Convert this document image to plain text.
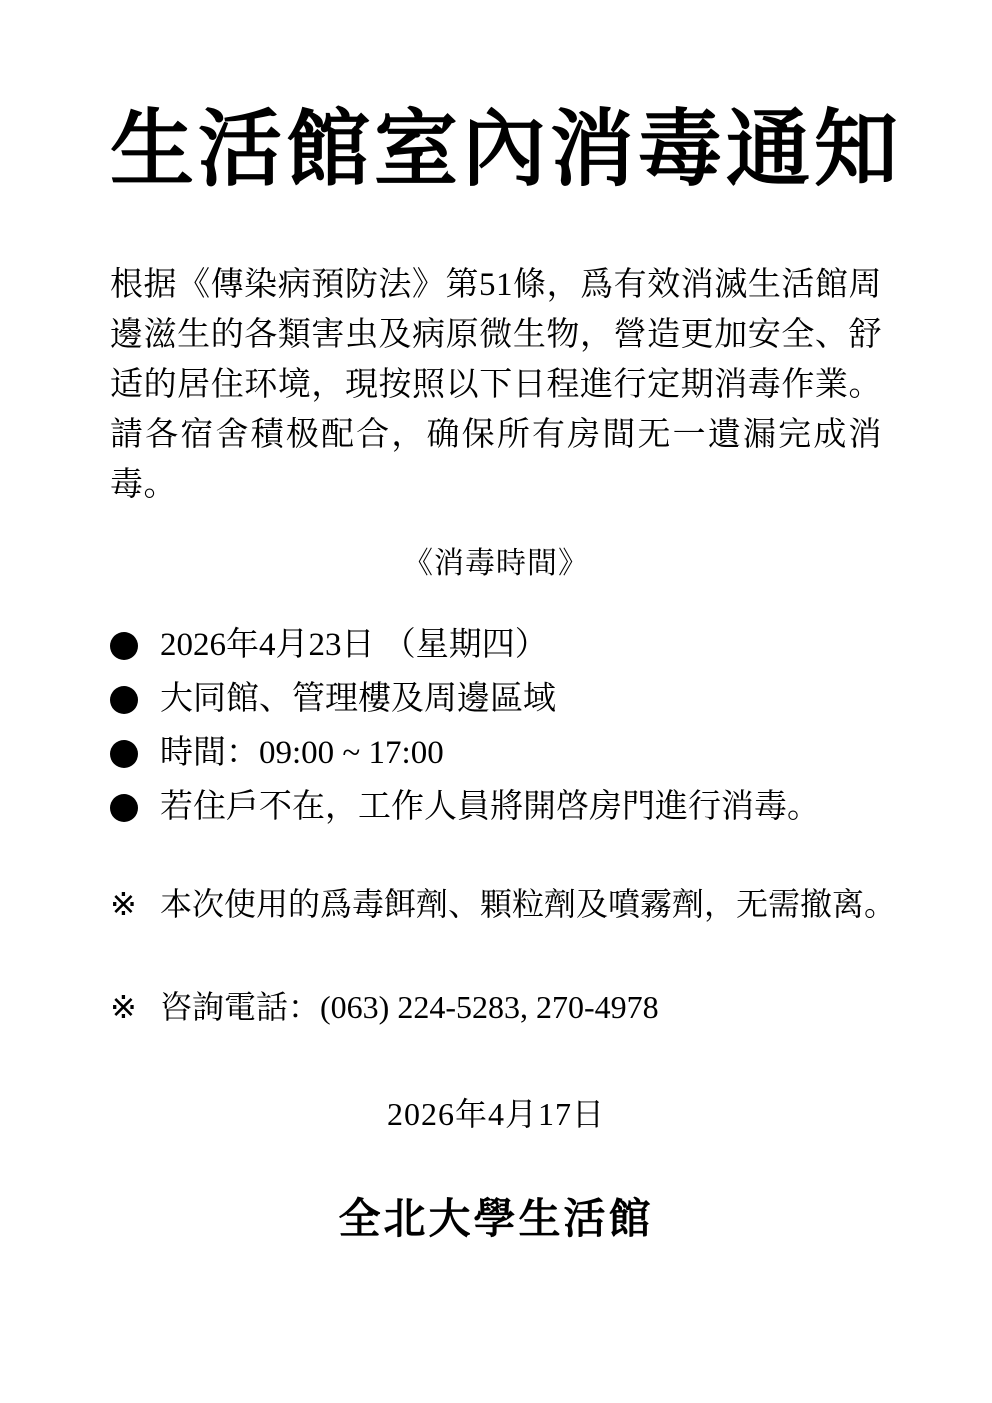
生活館室內消毒通知

根据《傳染病預防法》第51條，爲有效消滅生活館周邊滋生的各類害虫及病原微生物，營造更加安全、舒适的居住环境，現按照以下日程進行定期消毒作業。請各宿舍積极配合，确保所有房間无一遺漏完成消毒。

《消毒時間》
2026年4月23日 （星期四）
大同館、管理樓及周邊區域
時間：09:00 ~ 17:00
若住戶不在，工作人員將開啓房門進行消毒。
※ 本次使用的爲毒餌劑、顆粒劑及噴霧劑，无需撤离。
※ 咨詢電話：(063) 224-5283, 270-4978
2026年4月17日
全北大學生活館
